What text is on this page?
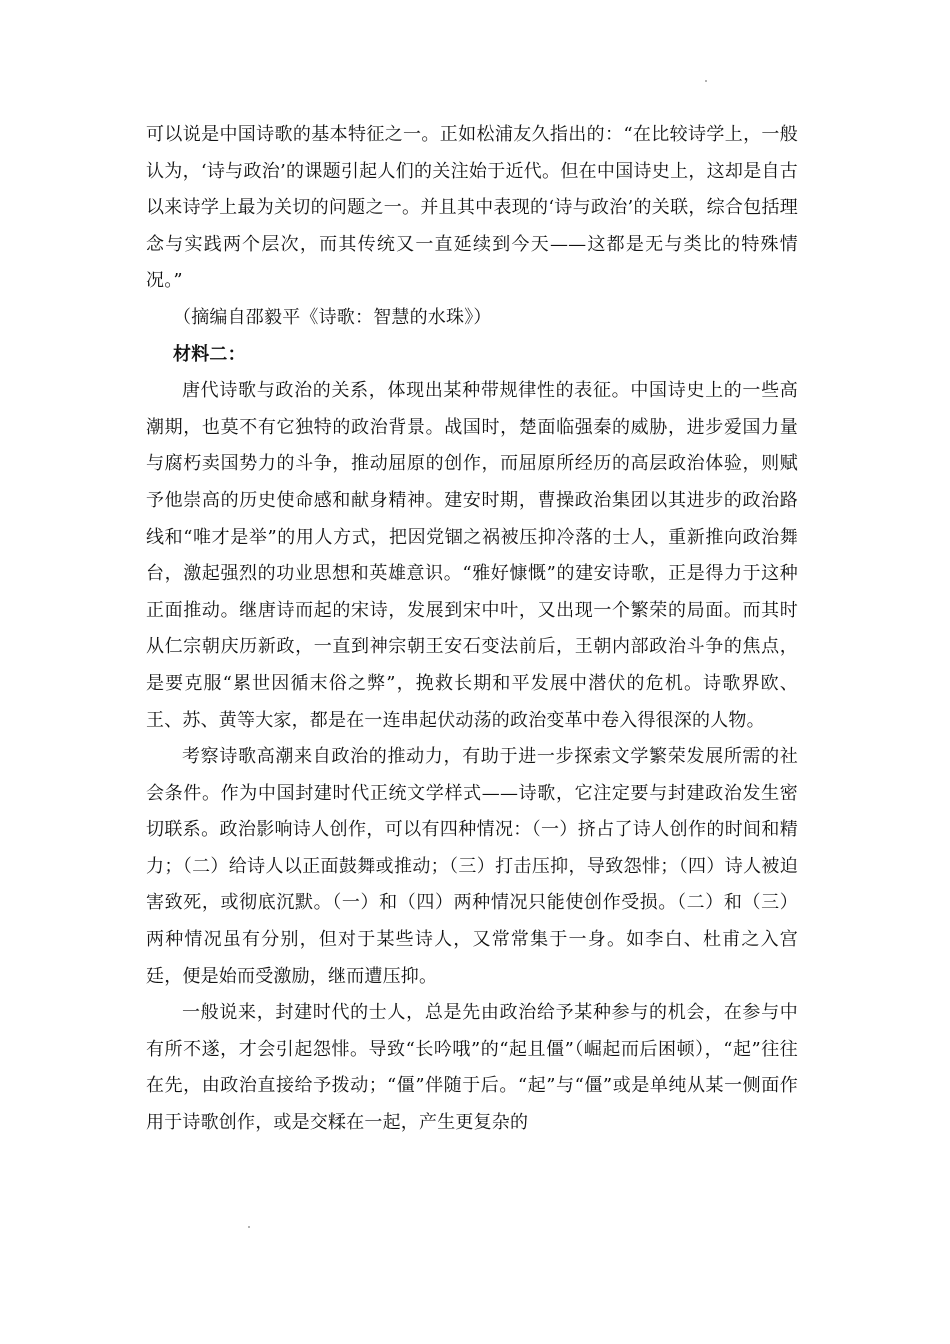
可以说是中国诗歌的基本特征之一。正如松浦友久指出的：“在比较诗学上，一般认为，‘诗与政治’的课题引起人们的关注始于近代。但在中国诗史上，这却是自古以来诗学上最为关切的问题之一。并且其中表现的‘诗与政治’的关联，综合包括理念与实践两个层次，而其传统又一直延续到今天——这都是无与类比的特殊情况。”

（摘编自邵毅平《诗歌：智慧的水珠》）

材料二：

唐代诗歌与政治的关系，体现出某种带规律性的表征。中国诗史上的一些高潮期，也莫不有它独特的政治背景。战国时，楚面临强秦的威胁，进步爱国力量与腐朽卖国势力的斗争，推动屈原的创作，而屈原所经历的高层政治体验，则赋予他崇高的历史使命感和献身精神。建安时期，曹操政治集团以其进步的政治路线和“唯才是举”的用人方式，把因党锢之祸被压抑冷落的士人，重新推向政治舞台，激起强烈的功业思想和英雄意识。“雅好慷慨”的建安诗歌，正是得力于这种正面推动。继唐诗而起的宋诗，发展到宋中叶，又出现一个繁荣的局面。而其时从仁宗朝庆历新政，一直到神宗朝王安石变法前后，王朝内部政治斗争的焦点，是要克服“累世因循末俗之弊”，挽救长期和平发展中潜伏的危机。诗歌界欧、王、苏、黄等大家，都是在一连串起伏动荡的政治变革中卷入得很深的人物。

考察诗歌高潮来自政治的推动力，有助于进一步探索文学繁荣发展所需的社会条件。作为中国封建时代正统文学样式——诗歌，它注定要与封建政治发生密切联系。政治影响诗人创作，可以有四种情况：（一）挤占了诗人创作的时间和精力；（二）给诗人以正面鼓舞或推动；（三）打击压抑，导致怨悱；（四）诗人被迫害致死，或彻底沉默。（一）和（四）两种情况只能使创作受损。（二）和（三）两种情况虽有分别，但对于某些诗人，又常常集于一身。如李白、杜甫之入宫廷，便是始而受激励，继而遭压抑。

一般说来，封建时代的士人，总是先由政治给予某种参与的机会，在参与中有所不遂，才会引起怨悱。导致“长吟哦”的“起且僵”（崛起而后困顿），“起”往往在先，由政治直接给予拨动；“僵”伴随于后。“起”与“僵”或是单纯从某一侧面作用于诗歌创作，或是交糅在一起，产生更复杂的
